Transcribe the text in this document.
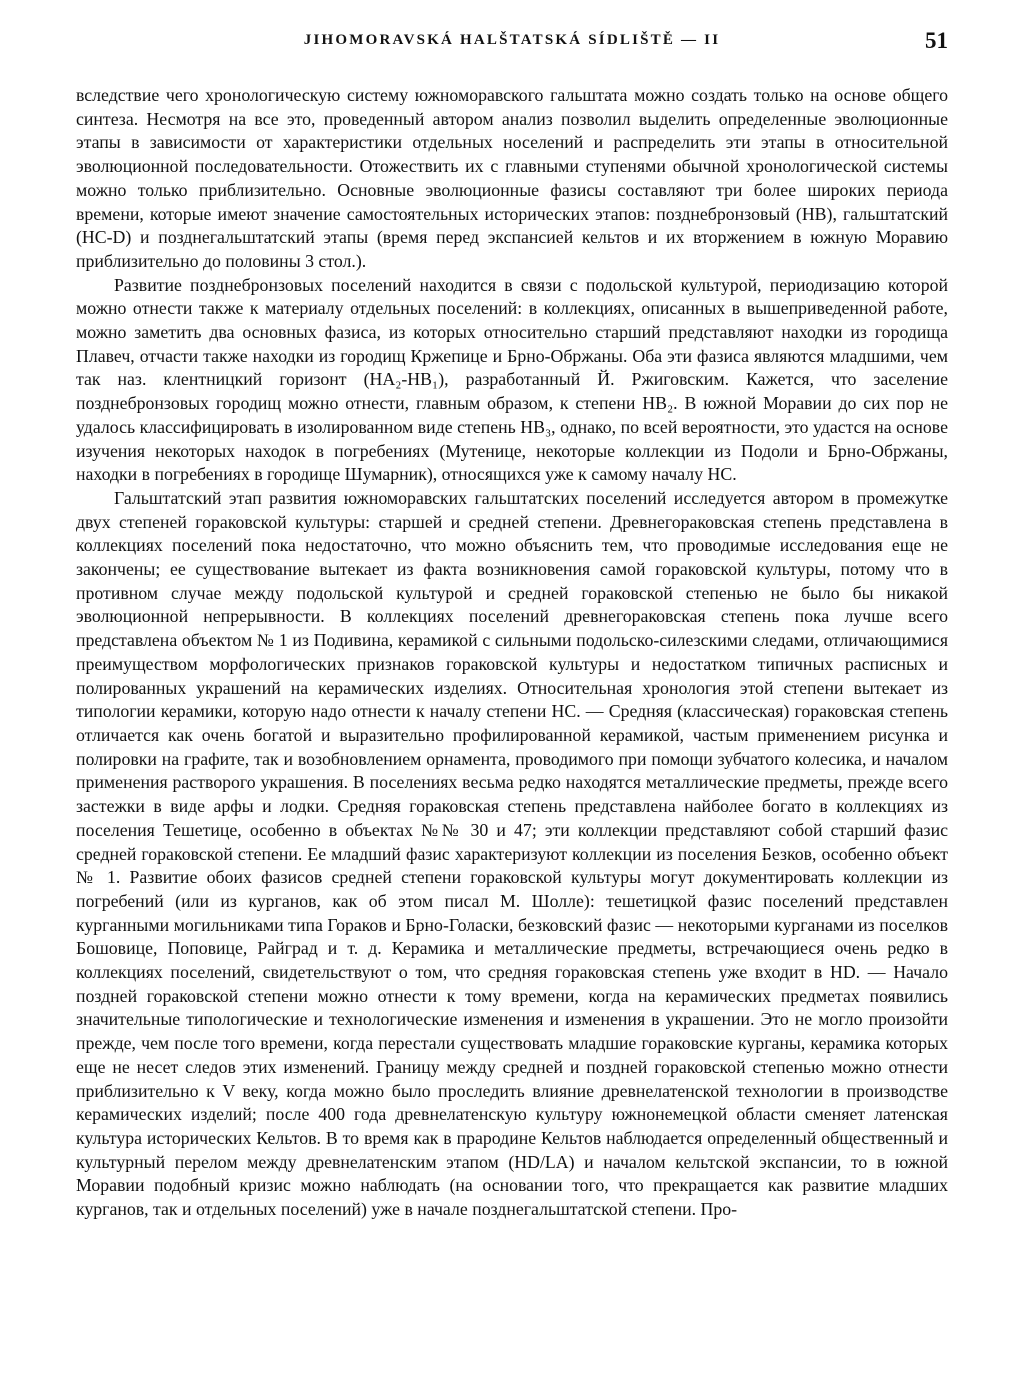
JIHOMORAVSKÁ HALŠTATSKÁ SÍDLIŠTĚ — II	51

вследствие чего хронологическую систему южноморавского гальштата можно создать только на основе общего синтеза. Несмотря на все это, проведенный автором анализ позволил выделить определенные эволюционные этапы в зависимости от характеристики отдельных носелений и распределить эти этапы в относительной эволюционной последовательности. Отожествить их с главными ступенями обычной хронологической системы можно только приблизительно. Основные эволюционные фазисы составляют три более широких периода времени, которые имеют значение самостоятельных исторических этапов: позднебронзовый (HB), гальштатский (HC-D) и позднегальштатский этапы (время перед экспансией кельтов и их вторжением в южную Моравию приблизительно до половины 3 стол.).

Развитие позднебронзовых поселений находится в связи с подольской культурой, периодизацию которой можно отнести также к материалу отдельных поселений: в коллекциях, описанных в вышеприведенной работе, можно заметить два основных фазиса, из которых относительно старший представляют находки из городища Плавеч, отчасти также находки из городищ Кржепице и Брно-Обржаны. Оба эти фазиса являются младшими, чем так наз. клентницкий горизонт (HA₂-HB₁), разработанный Й. Ржиговским. Кажется, что заселение позднебронзовых городищ можно отнести, главным образом, к степени HB₂. В южной Моравии до сих пор не удалось классифицировать в изолированном виде степень HB₃, однако, по всей вероятности, это удастся на основе изучения некоторых находок в погребениях (Мутенице, некоторые коллекции из Подоли и Брно-Обржаны, находки в погребениях в городище Шумарник), относящихся уже к самому началу HC.

Гальштатский этап развития южноморавских гальштатских поселений исследуется автором в промежутке двух степеней гораковской культуры: старшей и средней степени. Древнегораковская степень представлена в коллекциях поселений пока недостаточно, что можно объяснить тем, что проводимые исследования еще не закончены; ее существование вытекает из факта возникновения самой гораковской культуры, потому что в противном случае между подольской культурой и средней гораковской степенью не было бы никакой эволюционной непрерывности. В коллекциях поселений древнегораковская степень пока лучше всего представлена объектом № 1 из Подивина, керамикой с сильными подольско-силезскими следами, отличающимися преимуществом морфологических признаков гораковской культуры и недостатком типичных расписных и полированных украшений на керамических изделиях. Относительная хронология этой степени вытекает из типологии керамики, которую надо отнести к началу степени HC. — Средняя (классическая) гораковская степень отличается как очень богатой и выразительно профилированной керамикой, частым применением рисунка и полировки на графите, так и возобновлением орнамента, проводимого при помощи зубчатого колесика, и началом применения растворого украшения. В поселениях весьма редко находятся металлические предметы, прежде всего застежки в виде арфы и лодки. Средняя гораковская степень представлена найболее богато в коллекциях из поселения Тешетице, особенно в объектах №№ 30 и 47; эти коллекции представляют собой старший фазис средней гораковской степени. Ее младший фазис характеризуют коллекции из поселения Безков, особенно объект № 1. Развитие обоих фазисов средней степени гораковской культуры могут документировать коллекции из погребений (или из курганов, как об этом писал М. Шолле): тешетицкой фазис поселений представлен курганными могильниками типа Гораков и Брно-Голаски, безковский фазис — некоторыми курганами из поселков Бошовице, Поповице, Райград и т. д. Керамика и металлические предметы, встречающиеся очень редко в коллекциях поселений, свидетельствуют о том, что средняя гораковская степень уже входит в HD. — Начало поздней гораковской степени можно отнести к тому времени, когда на керамических предметах появились значительные типологические и технологические изменения и изменения в украшении. Это не могло произойти прежде, чем после того времени, когда перестали существовать младшие гораковские курганы, керамика которых еще не несет следов этих изменений. Границу между средней и поздней гораковской степенью можно отнести приблизительно к V веку, когда можно было проследить влияние древнелатенской технологии в производстве керамических изделий; после 400 года древнелатенскую культуру южнонемецкой области сменяет латенская культура исторических Кельтов. В то время как в прародине Кельтов наблюдается определенный общественный и культурный перелом между древнелатенским этапом (HD/LA) и началом кельтской экспансии, то в южной Моравии подобный кризис можно наблюдать (на основании того, что прекращается как развитие младших курганов, так и отдельных поселений) уже в начале позднегальштатской степени. Про-
